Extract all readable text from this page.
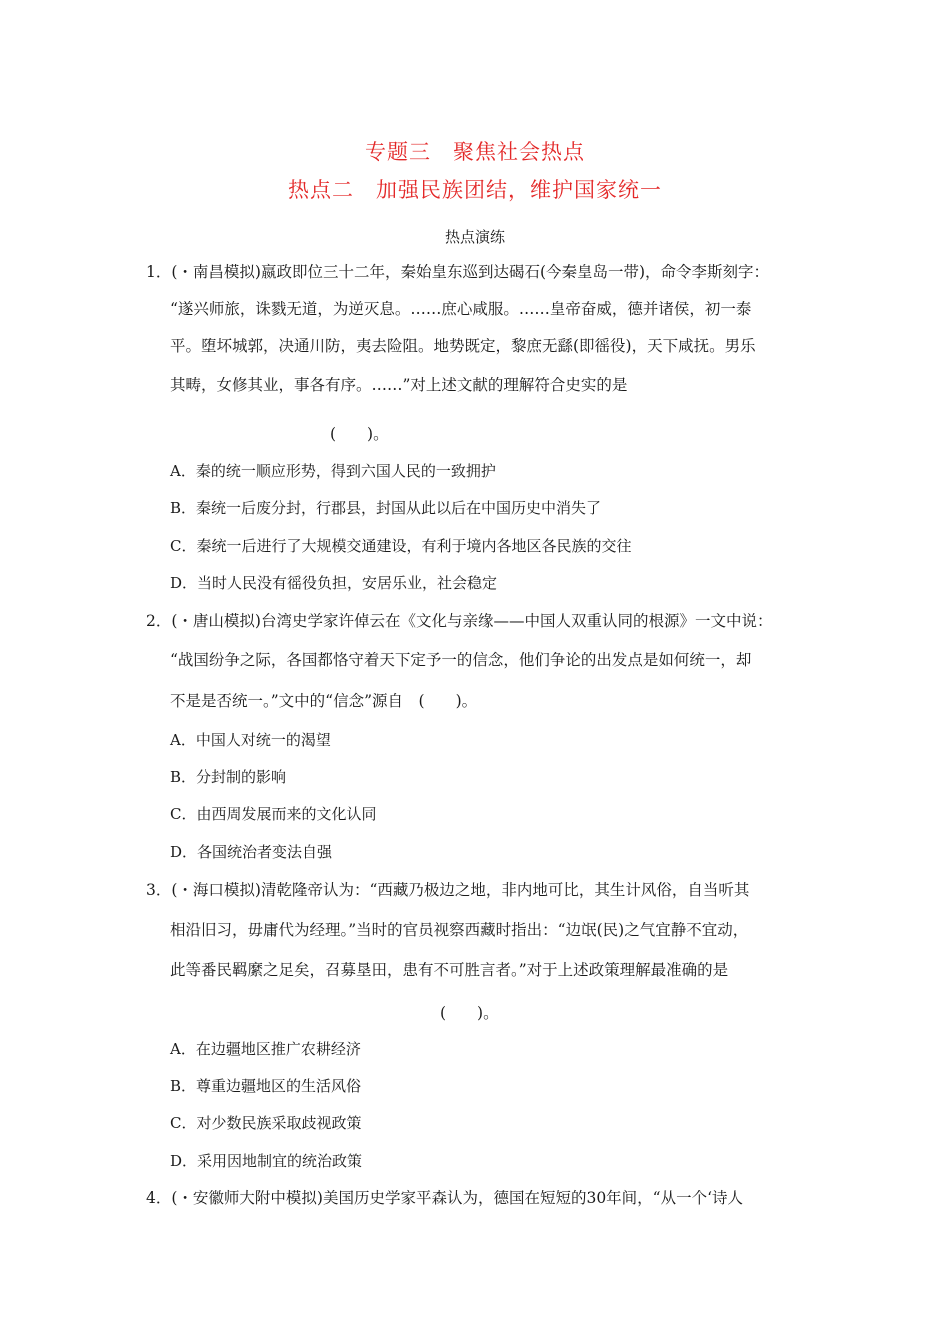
专题三　聚焦社会热点
热点二　加强民族团结，维护国家统一
热点演练
1．(・南昌模拟)嬴政即位三十二年，秦始皇东巡到达碣石(今秦皇岛一带)，命令李斯刻字：
“遂兴师旅，诛戮无道，为逆灭息。……庶心咸服。……皇帝奋威，德并诸侯，初一泰
平。堕坏城郭，决通川防，夷去险阻。地势既定，黎庶无繇(即徭役)，天下咸抚。男乐
其畴，女修其业，事各有序。……”对上述文献的理解符合史实的是
(　　)。
A．秦的统一顺应形势，得到六国人民的一致拥护
B．秦统一后废分封，行郡县，封国从此以后在中国历史中消失了
C．秦统一后进行了大规模交通建设，有利于境内各地区各民族的交往
D．当时人民没有徭役负担，安居乐业，社会稳定
2．(・唐山模拟)台湾史学家许倬云在《文化与亲缘——中国人双重认同的根源》一文中说：
“战国纷争之际，各国都恪守着天下定予一的信念，他们争论的出发点是如何统一，却
不是是否统一。”文中的“信念”源自　(　　)。
A．中国人对统一的渴望
B．分封制的影响
C．由西周发展而来的文化认同
D．各国统治者变法自强
3．(・海口模拟)清乾隆帝认为：“西藏乃极边之地，非内地可比，其生计风俗，自当听其
相沿旧习，毋庸代为经理。”当时的官员视察西藏时指出：“边氓(民)之气宜静不宜动，
此等番民羁縻之足矣，召募垦田，患有不可胜言者。”对于上述政策理解最准确的是
(　　)。
A．在边疆地区推广农耕经济
B．尊重边疆地区的生活风俗
C．对少数民族采取歧视政策
D．采用因地制宜的统治政策
4．(・安徽师大附中模拟)美国历史学家平森认为，德国在短短的30年间，“从一个‘诗人
